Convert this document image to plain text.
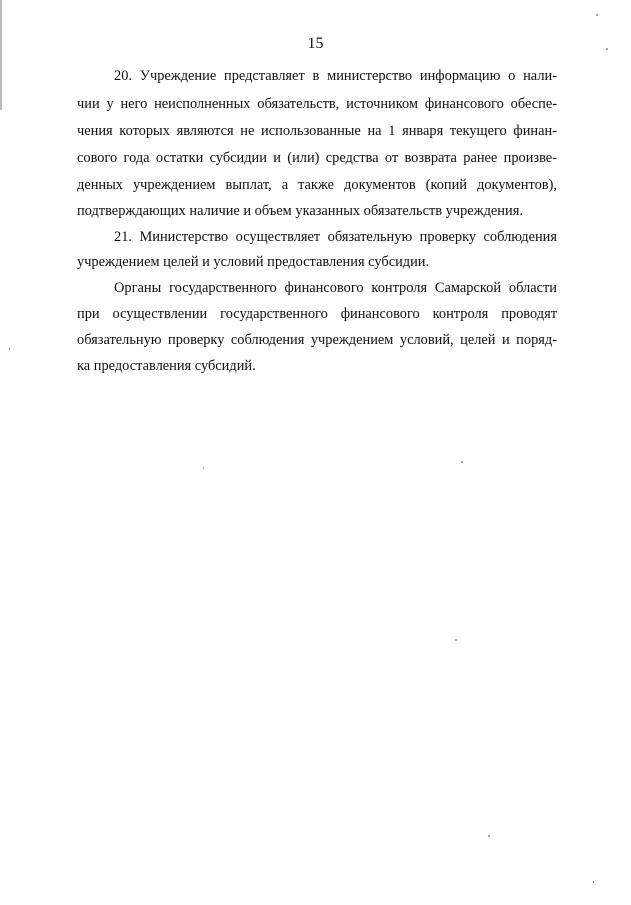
15
20. Учреждение представляет в министерство информацию о нали-
чии у него неисполненных обязательств, источником финансового обеспе-
чения которых являются не использованные на 1 января текущего финан-
сового года остатки субсидии и (или) средства от возврата ранее произве-
денных учреждением выплат, а также документов (копий документов),
подтверждающих наличие и объем указанных обязательств учреждения.
21. Министерство осуществляет обязательную проверку соблюдения
учреждением целей и условий предоставления субсидии.
Органы государственного финансового контроля Самарской области
при осуществлении государственного финансового контроля проводят
обязательную проверку соблюдения учреждением условий, целей и поряд-
ка предоставления субсидий.
